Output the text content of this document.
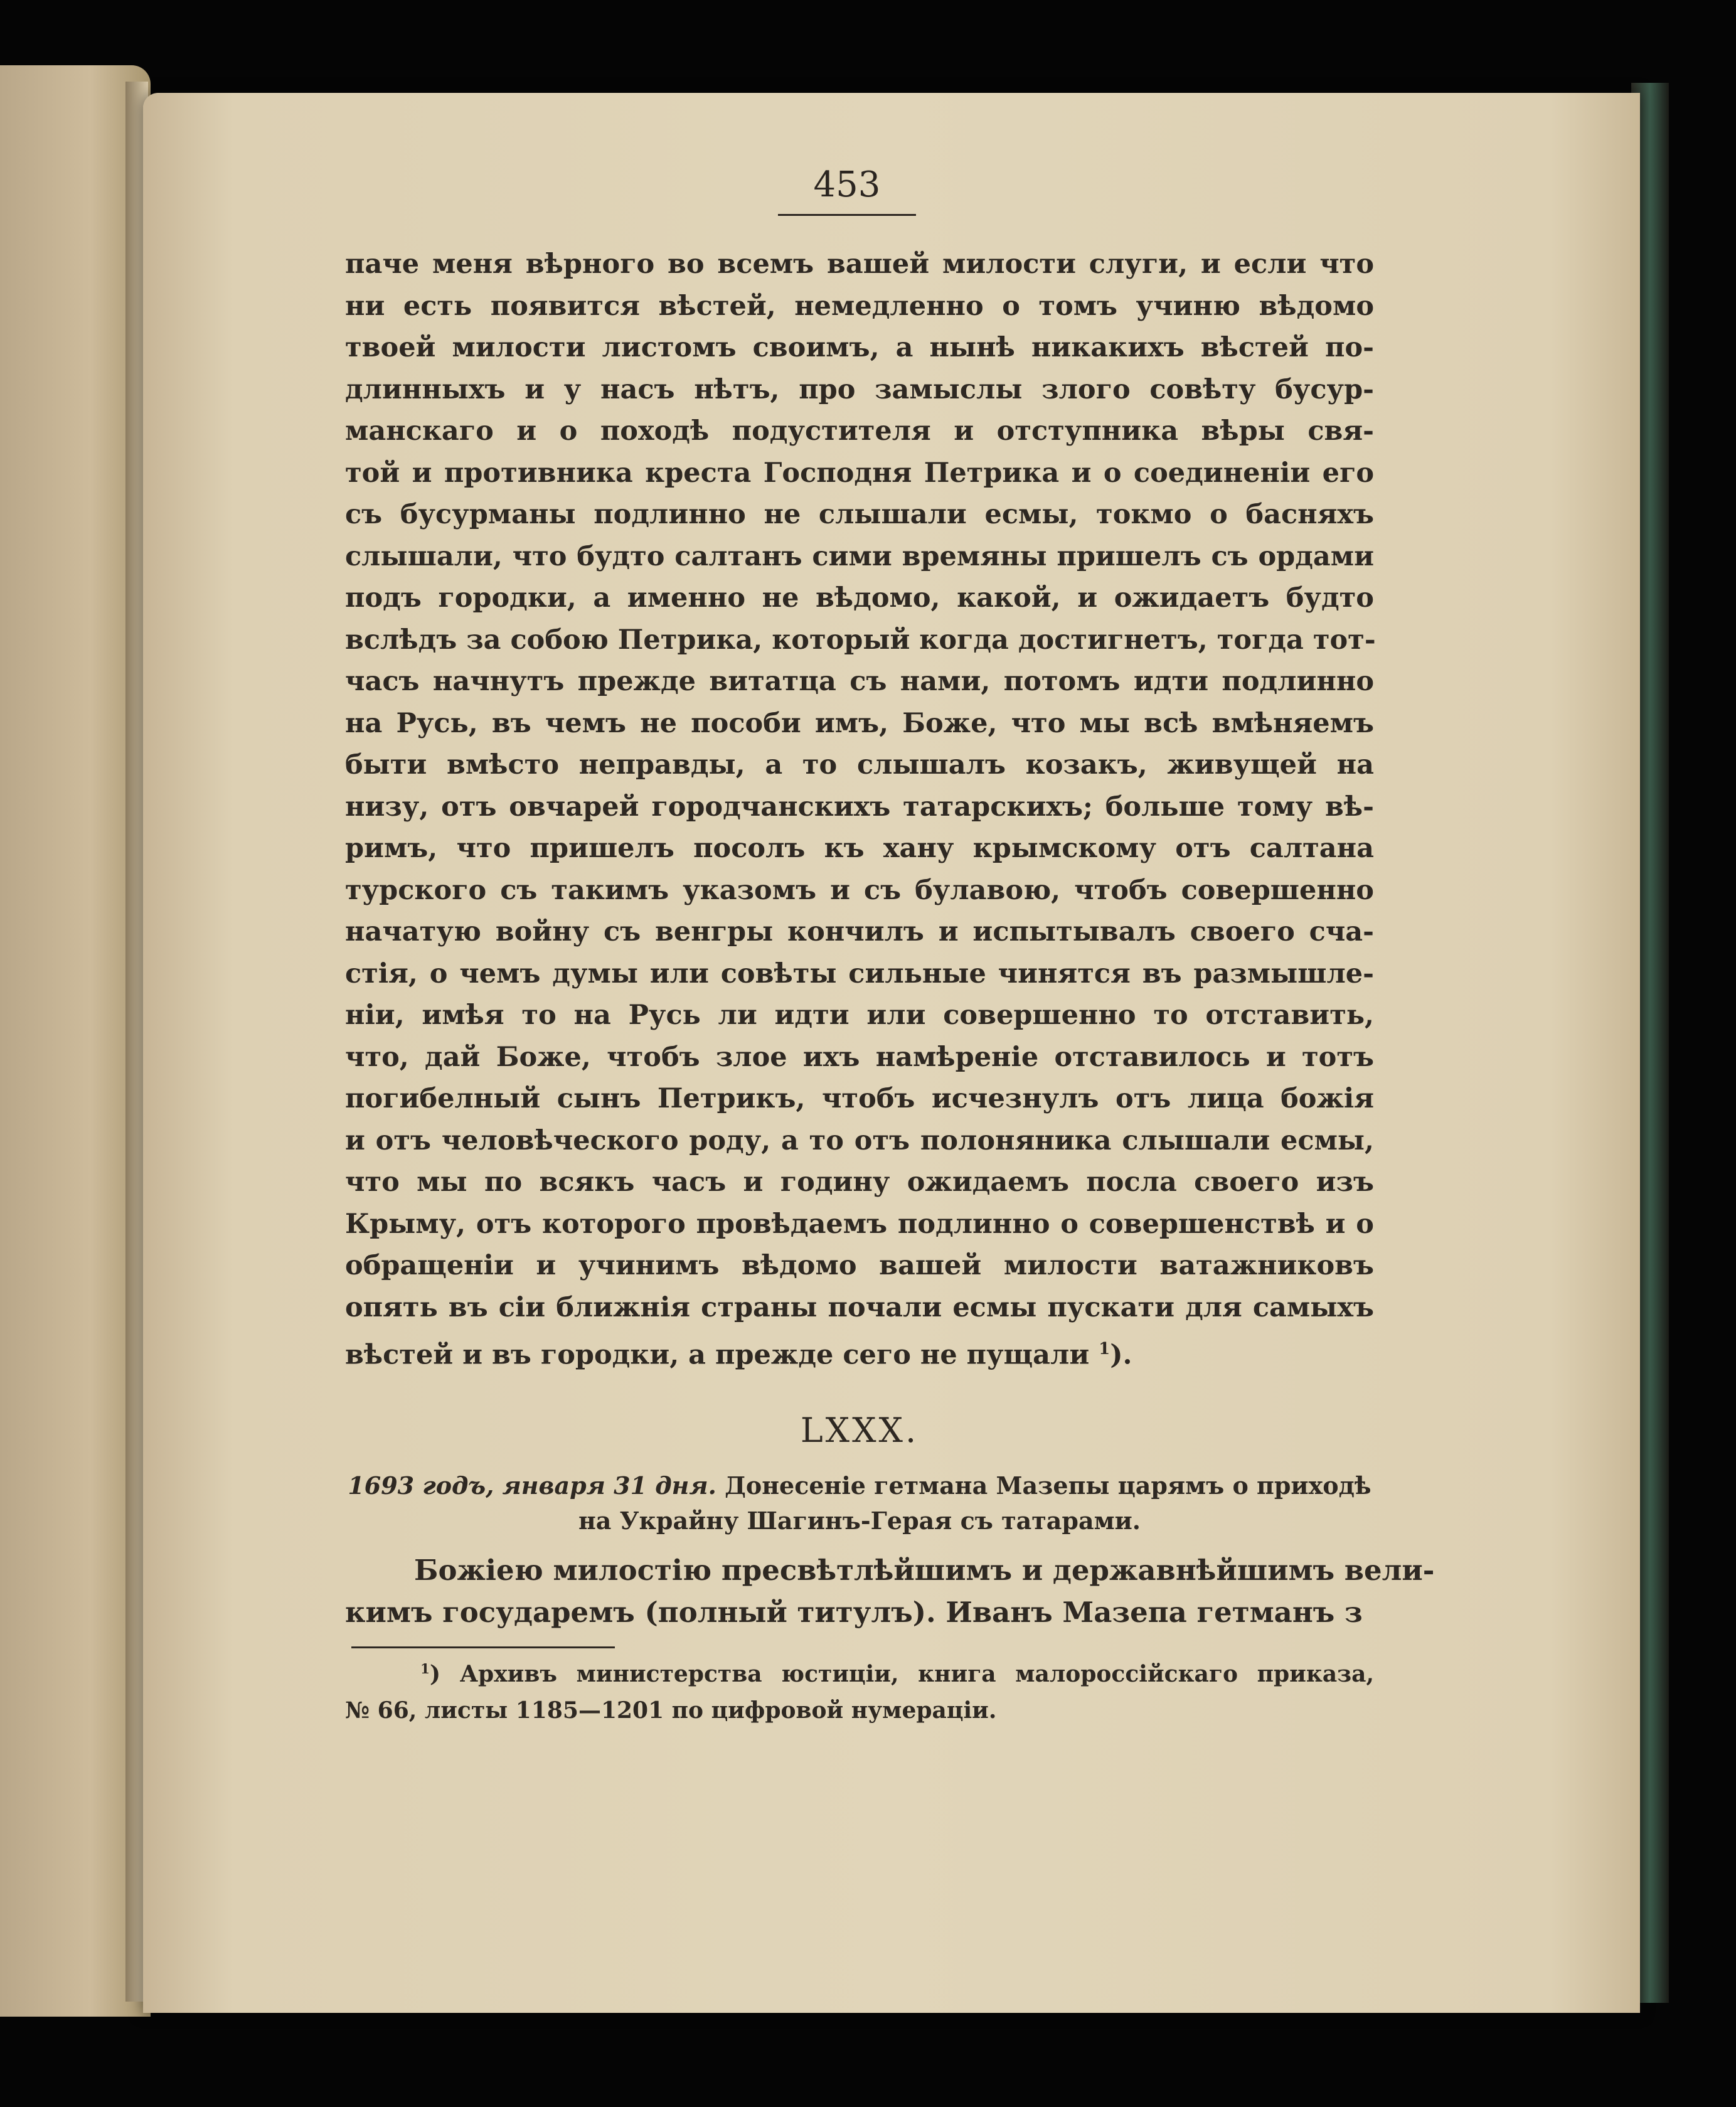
453
паче меня вѣрного во всемъ вашей милости слуги, и если что
ни есть появится вѣстей, немедленно о томъ учиню вѣдомо
твоей милости листомъ своимъ, а нынѣ никакихъ вѣстей по-
длинныхъ и у насъ нѣтъ, про замыслы злого совѣту бусур-
манскаго и о походѣ подустителя и отступника вѣры свя-
той и противника креста Господня Петрика и о соединеніи его
съ бусурманы подлинно не слышали есмы, токмо о басняхъ
слышали, что будто салтанъ сими времяны пришелъ съ ордами
подъ городки, а именно не вѣдомо, какой, и ожидаетъ будто
вслѣдъ за собою Петрика, который когда достигнетъ, тогда тот-
часъ начнутъ прежде витатца съ нами, потомъ идти подлинно
на Русь, въ чемъ не пособи имъ, Боже, что мы всѣ вмѣняемъ
быти вмѣсто неправды, а то слышалъ козакъ, живущей на
низу, отъ овчарей городчанскихъ татарскихъ; больше тому вѣ-
римъ, что пришелъ посолъ къ хану крымскому отъ салтана
турского съ такимъ указомъ и съ булавою, чтобъ совершенно
начатую войну съ венгры кончилъ и испытывалъ своего сча-
стія, о чемъ думы или совѣты сильные чинятся въ размышле-
ніи, имѣя то на Русь ли идти или совершенно то отставить,
что, дай Боже, чтобъ злое ихъ намѣреніе отставилось и тотъ
погибелный сынъ Петрикъ, чтобъ исчезнулъ отъ лица божія
и отъ человѣческого роду, а то отъ полоняника слышали есмы,
что мы по всякъ часъ и годину ожидаемъ посла своего изъ
Крыму, отъ которого провѣдаемъ подлинно о совершенствѣ и о
обращеніи и учинимъ вѣдомо вашей милости ватажниковъ
опять въ сіи ближнія страны почали есмы пускати для самыхъ
вѣстей и въ городки, а прежде сего не пущали $^1$).
LXXX.
1693 годъ, января 31 дня. Донесеніе гетмана Мазепы царямъ о приходѣ
на Украйну Шагинъ-Герая съ татарами.
Божіею милостію пресвѣтлѣйшимъ и державнѣйшимъ вели-
кимъ государемъ (полный титулъ). Иванъ Мазепа гетманъ з
$^1$) Архивъ министерства юстиціи, книга малороссійскаго приказа,
№ 66, листы 1185—1201 по цифровой нумераціи.
